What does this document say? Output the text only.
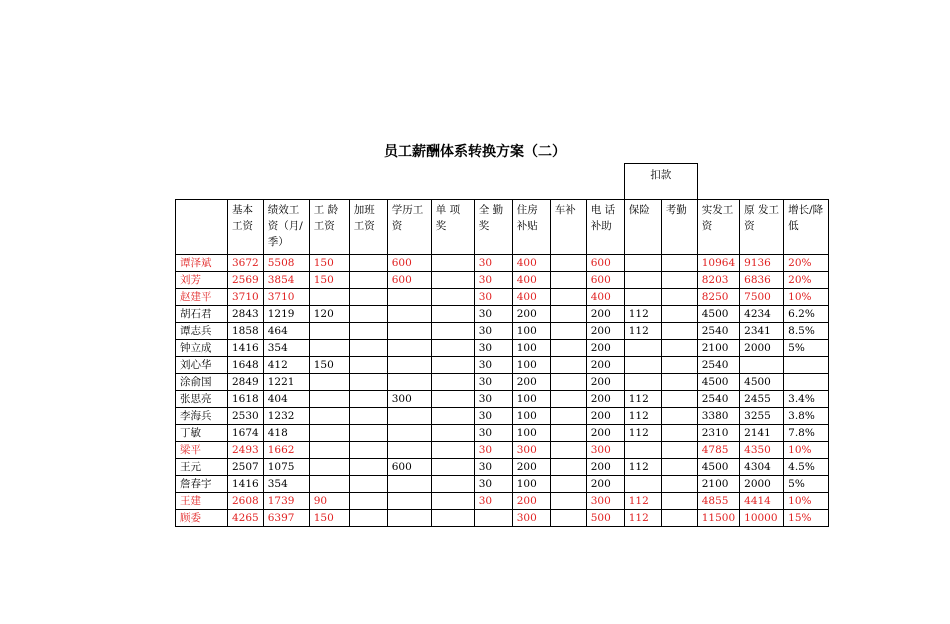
员工薪酬体系转换方案（二）
											扣款				
	基本工资	绩效工资（月/季）	工 龄工资	加班工资	学历工资	单 项奖	全 勤奖	住房补贴	车补	电 话补助	保险	考勤	实发工资	原 发工资	增长/降低
谭泽斌	3672	5508	150		600		30	400		600			10964	9136	20%
刘芳	2569	3854	150		600		30	400		600			8203	6836	20%
赵建平	3710	3710					30	400		400			8250	7500	10%
胡石君	2843	1219	120				30	200		200	112		4500	4234	6.2%
谭志兵	1858	464					30	100		200	112		2540	2341	8.5%
钟立成	1416	354					30	100		200			2100	2000	5%
刘心华	1648	412	150				30	100		200			2540		
涂俞国	2849	1221					30	200		200			4500	4500	
张思亮	1618	404			300		30	100		200	112		2540	2455	3.4%
李海兵	2530	1232					30	100		200	112		3380	3255	3.8%
丁敏	1674	418					30	100		200	112		2310	2141	7.8%
梁平	2493	1662					30	300		300			4785	4350	10%
王元	2507	1075			600		30	200		200	112		4500	4304	4.5%
詹春宇	1416	354					30	100		200			2100	2000	5%
王建	2608	1739	90				30	200		300	112		4855	4414	10%
顾委	4265	6397	150					300		500	112		11500	10000	15%
